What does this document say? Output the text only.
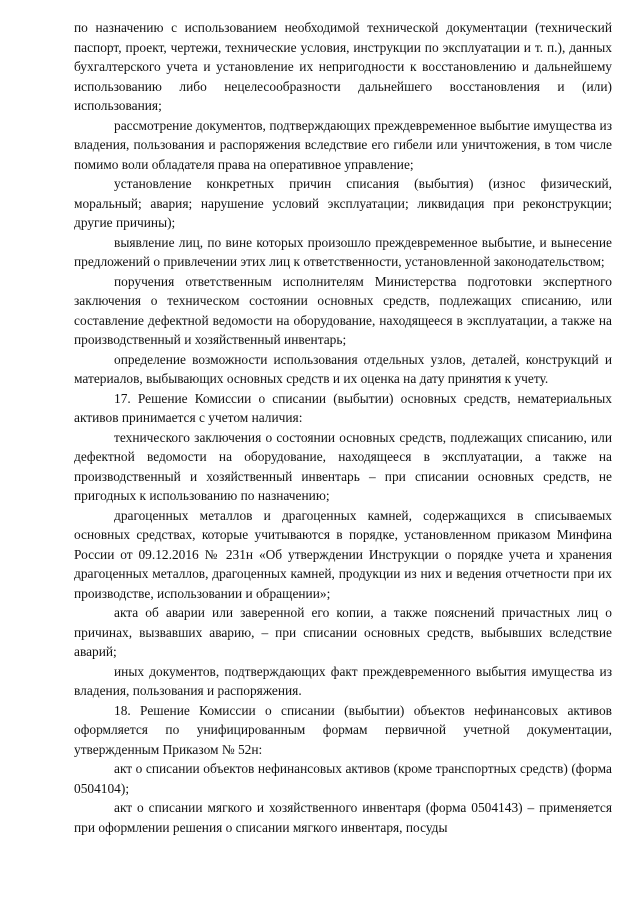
по назначению с использованием необходимой технической документации (технический паспорт, проект, чертежи, технические условия, инструкции по эксплуатации и т. п.), данных бухгалтерского учета и установление их непригодности к восстановлению и дальнейшему использованию либо нецелесообразности дальнейшего восстановления и (или) использования;

рассмотрение документов, подтверждающих преждевременное выбытие имущества из владения, пользования и распоряжения вследствие его гибели или уничтожения, в том числе помимо воли обладателя права на оперативное управление;

установление конкретных причин списания (выбытия) (износ физический, моральный; авария; нарушение условий эксплуатации; ликвидация при реконструкции; другие причины);

выявление лиц, по вине которых произошло преждевременное выбытие, и вынесение предложений о привлечении этих лиц к ответственности, установленной законодательством;

поручения ответственным исполнителям Министерства подготовки экспертного заключения о техническом состоянии основных средств, подлежащих списанию, или составление дефектной ведомости на оборудование, находящееся в эксплуатации, а также на производственный и хозяйственный инвентарь;

определение возможности использования отдельных узлов, деталей, конструкций и материалов, выбывающих основных средств и их оценка на дату принятия к учету.

17. Решение Комиссии о списании (выбытии) основных средств, нематериальных активов принимается с учетом наличия:

технического заключения о состоянии основных средств, подлежащих списанию, или дефектной ведомости на оборудование, находящееся в эксплуатации, а также на производственный и хозяйственный инвентарь – при списании основных средств, не пригодных к использованию по назначению;

драгоценных металлов и драгоценных камней, содержащихся в списываемых основных средствах, которые учитываются в порядке, установленном приказом Минфина России от 09.12.2016 № 231н «Об утверждении Инструкции о порядке учета и хранения драгоценных металлов, драгоценных камней, продукции из них и ведения отчетности при их производстве, использовании и обращении»;

акта об аварии или заверенной его копии, а также пояснений причастных лиц о причинах, вызвавших аварию, – при списании основных средств, выбывших вследствие аварий;

иных документов, подтверждающих факт преждевременного выбытия имущества из владения, пользования и распоряжения.

18. Решение Комиссии о списании (выбытии) объектов нефинансовых активов оформляется по унифицированным формам первичной учетной документации, утвержденным Приказом № 52н:

акт о списании объектов нефинансовых активов (кроме транспортных средств) (форма 0504104);

акт о списании мягкого и хозяйственного инвентаря (форма 0504143) – применяется при оформлении решения о списании мягкого инвентаря, посуды
